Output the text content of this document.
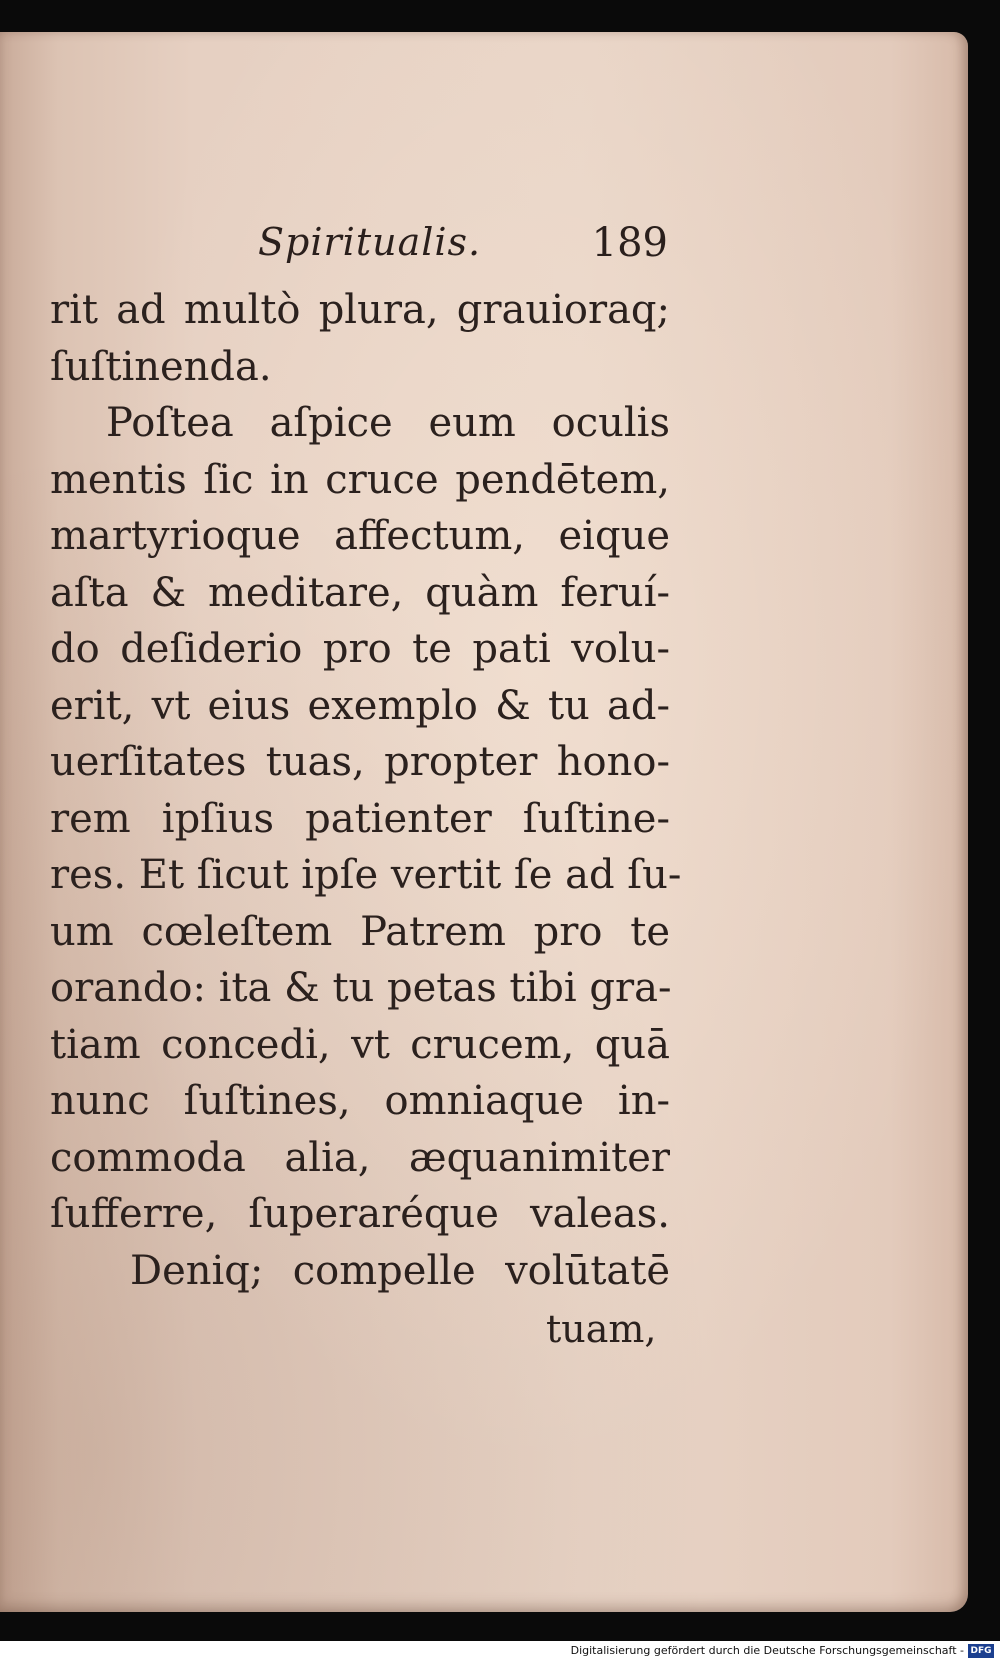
Spiritualis.	189
rit ad multò plura, grauioraq;
ſuſtinenda.
Poſtea aſpice eum oculis
mentis ſic in cruce pendētem,
martyrioque affectum, eique
aſta & meditare, quàm feruí-
do deſiderio pro te pati volu-
erit, vt eius exemplo & tu ad-
uerſitates tuas, propter hono-
rem ipſius patienter ſuſtine-
res. Et ſicut ipſe vertit ſe ad ſu-
um cœleſtem Patrem pro te
orando: ita & tu petas tibi gra-
tiam concedi, vt crucem, quā
nunc ſuſtines, omniaque in-
commoda alia, æquanimiter
ſufferre, ſuperaréque valeas.
Deniq; compelle volūtatē
tuam,
Digitalisierung gefördert durch die Deutsche Forschungsgemeinschaft - DFG
